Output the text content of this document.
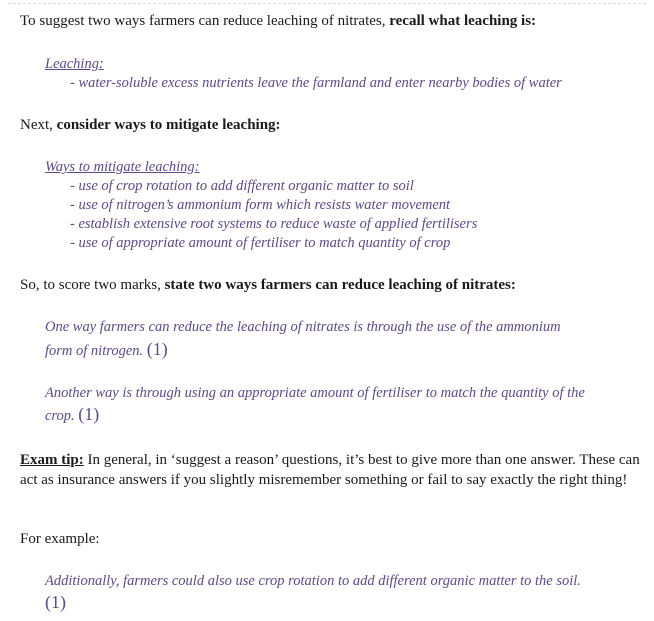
To suggest two ways farmers can reduce leaching of nitrates, recall what leaching is:
Leaching:
- water-soluble excess nutrients leave the farmland and enter nearby bodies of water
Next, consider ways to mitigate leaching:
Ways to mitigate leaching:
- use of crop rotation to add different organic matter to soil
- use of nitrogen’s ammonium form which resists water movement
- establish extensive root systems to reduce waste of applied fertilisers
- use of appropriate amount of fertiliser to match quantity of crop
So, to score two marks, state two ways farmers can reduce leaching of nitrates:
One way farmers can reduce the leaching of nitrates is through the use of the ammonium
form of nitrogen. (1)
Another way is through using an appropriate amount of fertiliser to match the quantity of the
crop. (1)
Exam tip: In general, in ‘suggest a reason’ questions, it’s best to give more than one answer. These can act as insurance answers if you slightly misremember something or fail to say exactly the right thing!
For example:
Additionally, farmers could also use crop rotation to add different organic matter to the soil.
(1)
